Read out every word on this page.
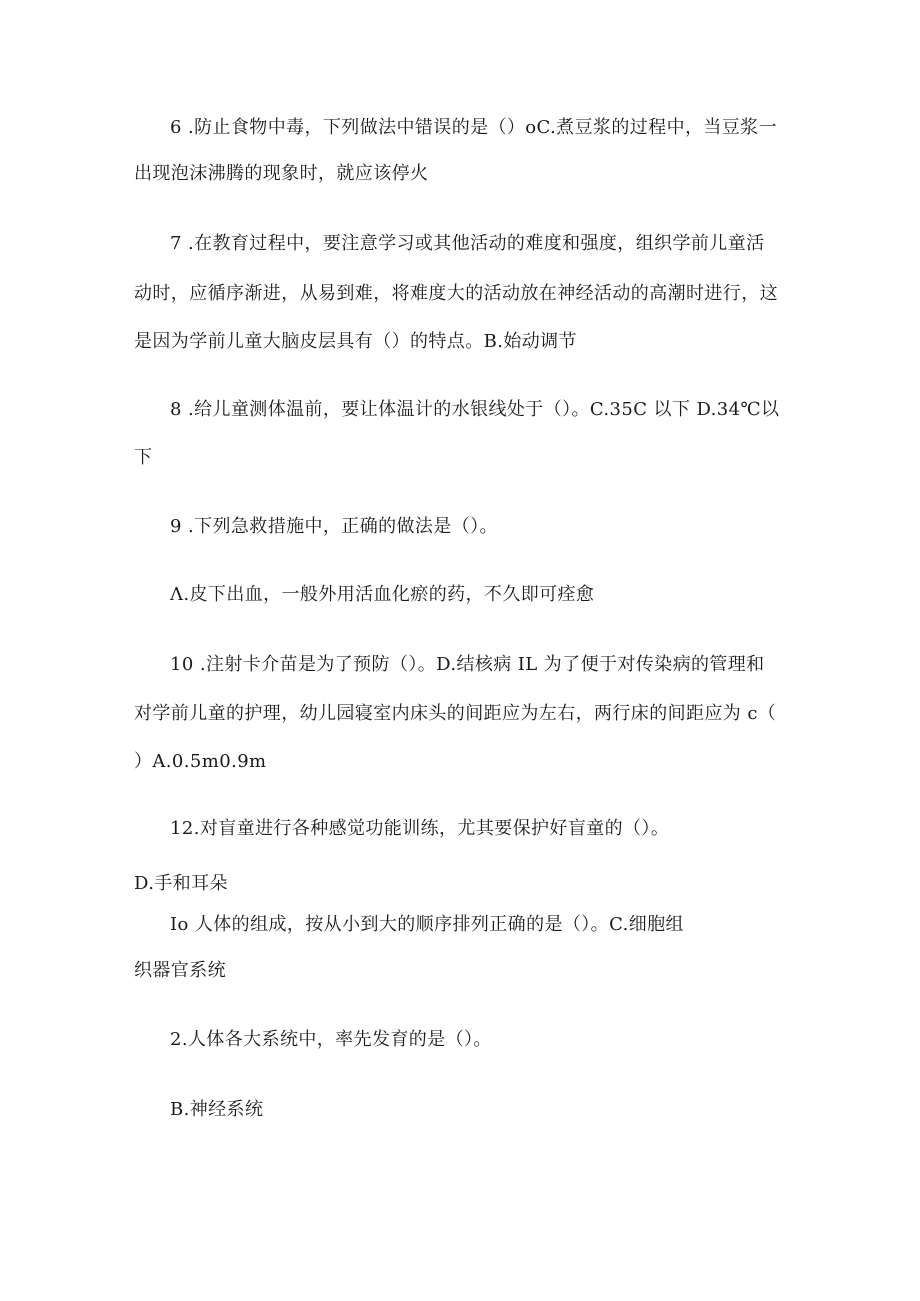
6 .防止食物中毒，下列做法中错误的是（）oC.煮豆浆的过程中，当豆浆一
出现泡沫沸腾的现象时，就应该停火
7 .在教育过程中，要注意学习或其他活动的难度和强度，组织学前儿童活
动时，应循序渐进，从易到难，将难度大的活动放在神经活动的高潮时进行，这
是因为学前儿童大脑皮层具有（）的特点。B.始动调节
8 .给儿童测体温前，要让体温计的水银线处于（）。C.35C 以下 D.34℃以
下
9 .下列急救措施中，正确的做法是（）。
Λ.皮下出血，一般外用活血化瘀的药，不久即可痊愈
10 .注射卡介苗是为了预防（）。D.结核病 IL 为了便于对传染病的管理和
对学前儿童的护理，幼儿园寝室内床头的间距应为左右，两行床的间距应为 c（
）A.0.5m0.9m
12.对盲童进行各种感觉功能训练，尤其要保护好盲童的（）。
D.手和耳朵
Io 人体的组成，按从小到大的顺序排列正确的是（）。C.细胞组
织器官系统
2.人体各大系统中，率先发育的是（）。
B.神经系统
